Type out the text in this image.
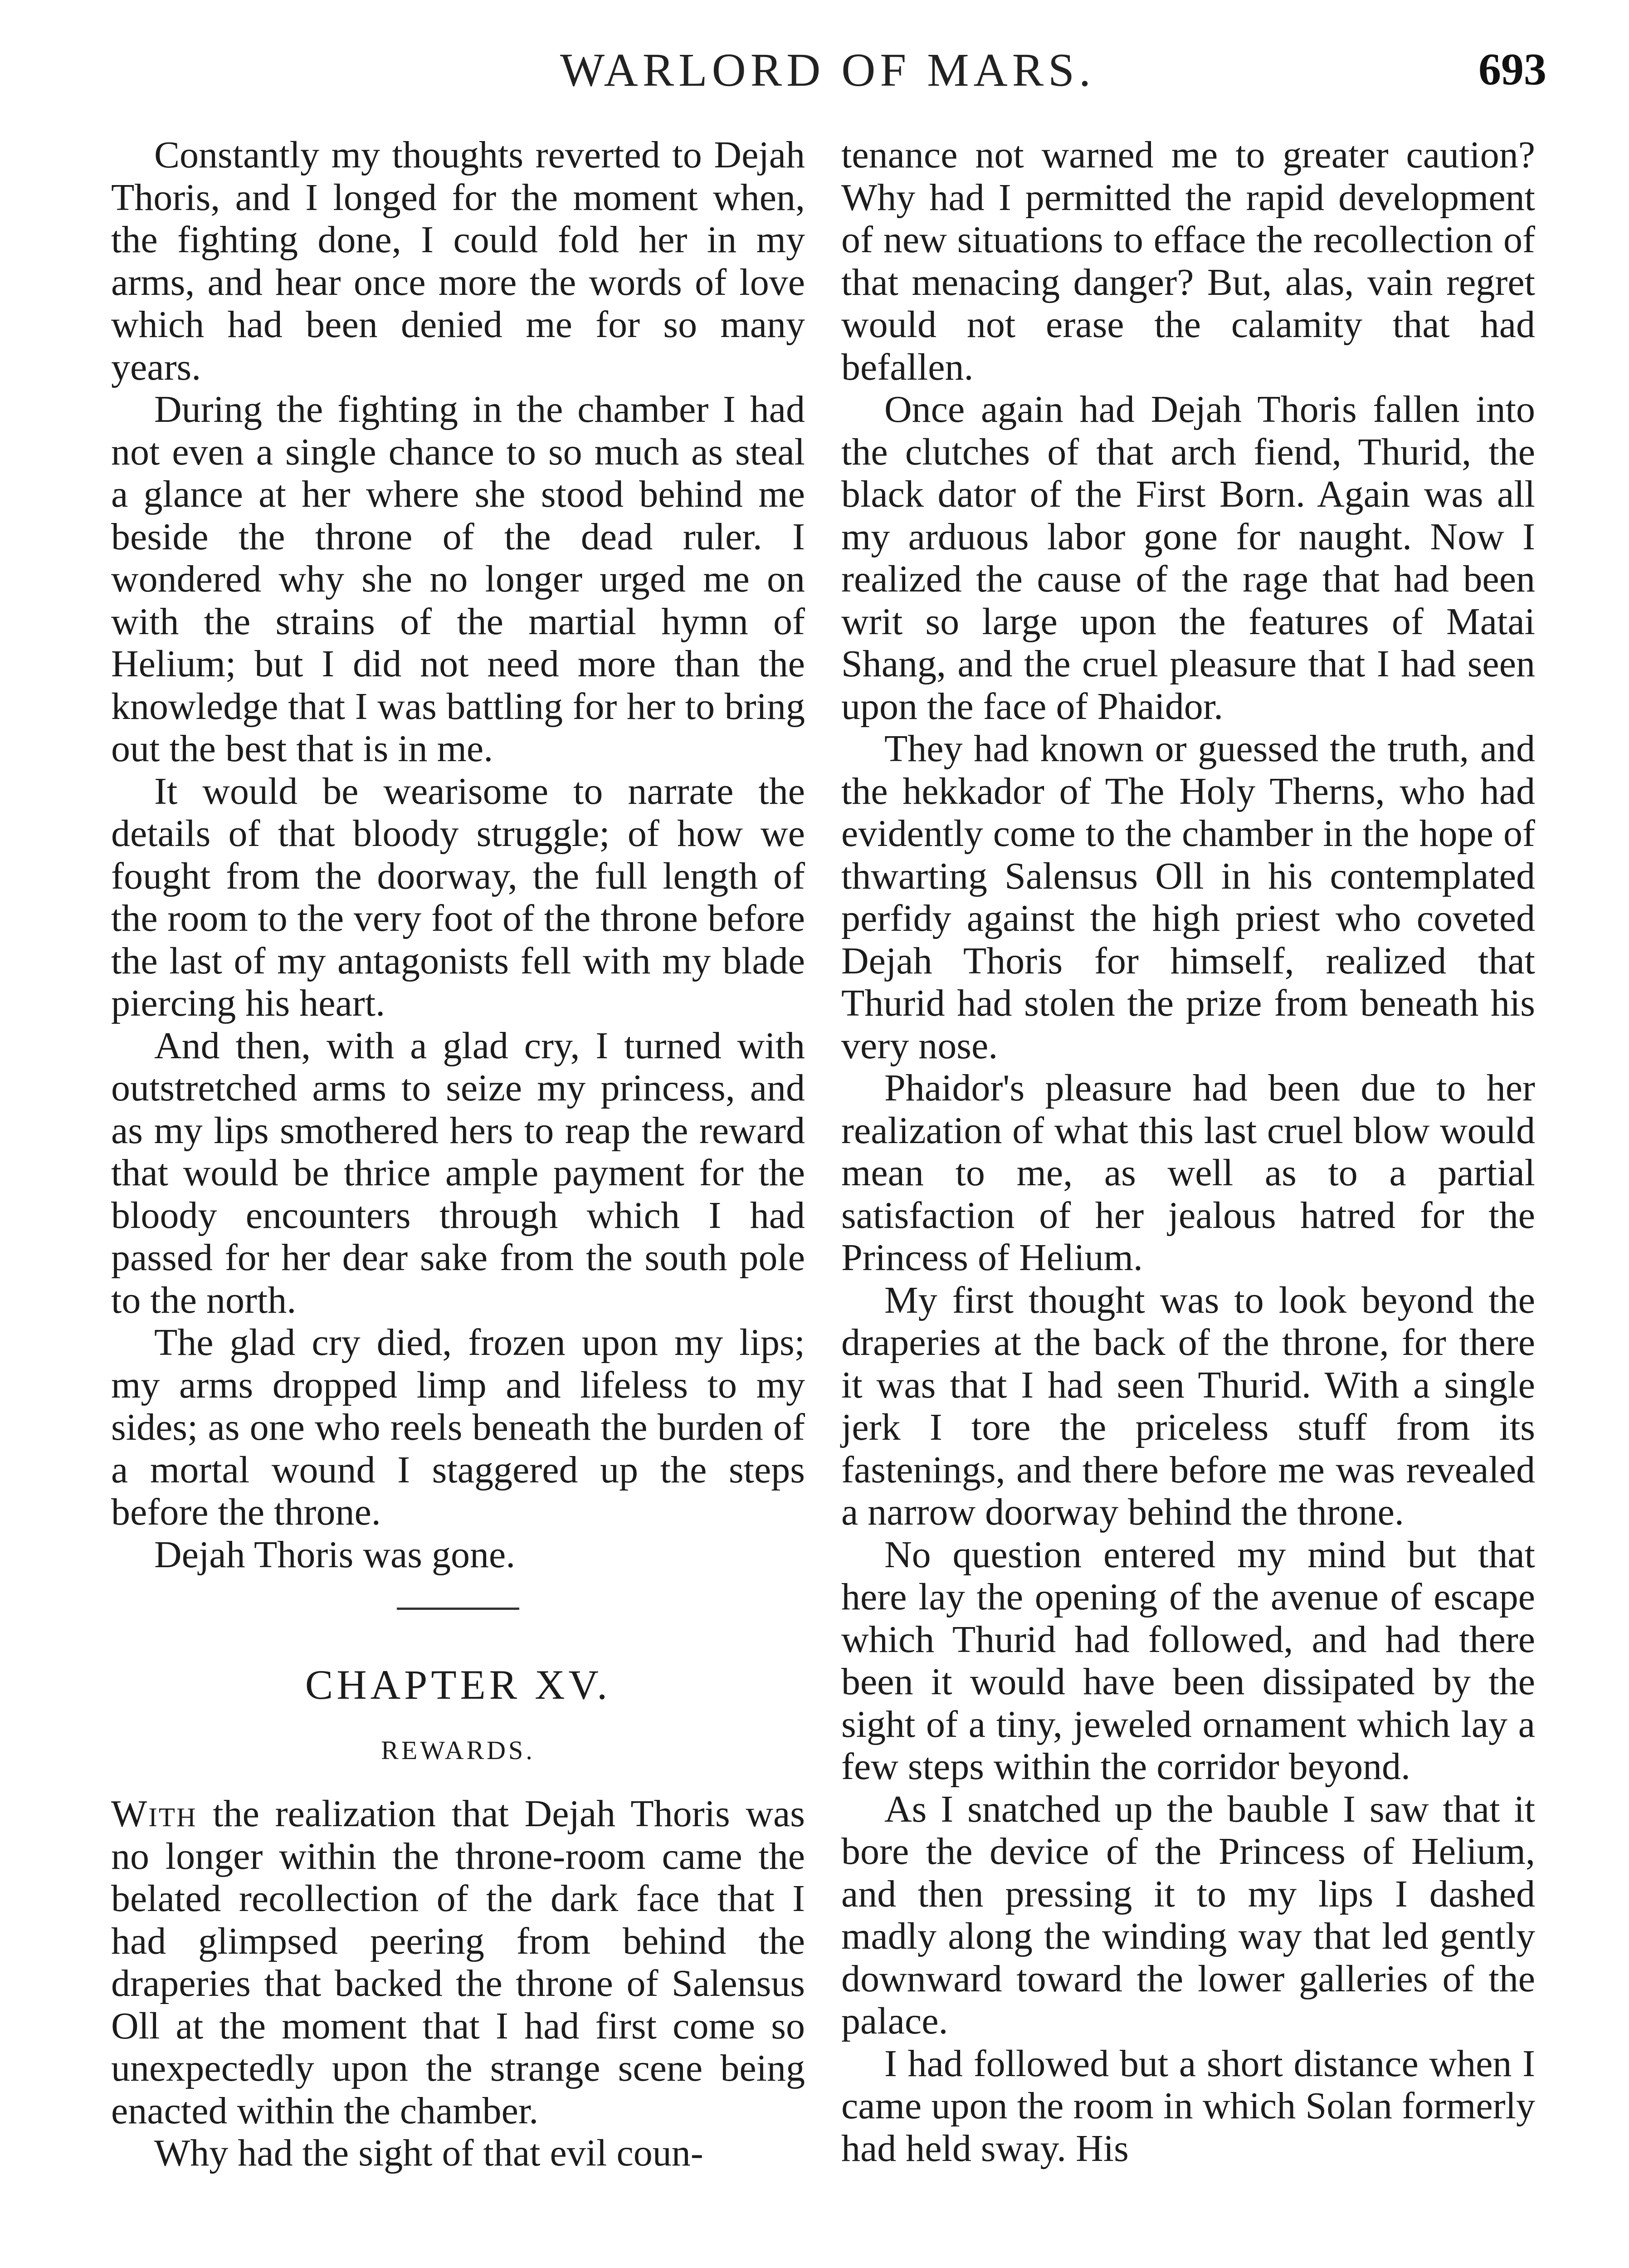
WARLORD OF MARS.	693

Constantly my thoughts reverted to Dejah Thoris, and I longed for the moment when, the fighting done, I could fold her in my arms, and hear once more the words of love which had been denied me for so many years.

During the fighting in the chamber I had not even a single chance to so much as steal a glance at her where she stood behind me beside the throne of the dead ruler. I wondered why she no longer urged me on with the strains of the martial hymn of Helium; but I did not need more than the knowledge that I was battling for her to bring out the best that is in me.

It would be wearisome to narrate the details of that bloody struggle; of how we fought from the doorway, the full length of the room to the very foot of the throne before the last of my antagonists fell with my blade piercing his heart.

And then, with a glad cry, I turned with outstretched arms to seize my princess, and as my lips smothered hers to reap the reward that would be thrice ample payment for the bloody encounters through which I had passed for her dear sake from the south pole to the north.

The glad cry died, frozen upon my lips; my arms dropped limp and lifeless to my sides; as one who reels beneath the burden of a mortal wound I staggered up the steps before the throne.

Dejah Thoris was gone.

CHAPTER XV.
REWARDS.

With the realization that Dejah Thoris was no longer within the throne-room came the belated recollection of the dark face that I had glimpsed peering from behind the draperies that backed the throne of Salensus Oll at the moment that I had first come so unexpectedly upon the strange scene being enacted within the chamber.

Why had the sight of that evil coun-

tenance not warned me to greater caution? Why had I permitted the rapid development of new situations to efface the recollection of that menacing danger? But, alas, vain regret would not erase the calamity that had befallen.

Once again had Dejah Thoris fallen into the clutches of that arch fiend, Thurid, the black dator of the First Born. Again was all my arduous labor gone for naught. Now I realized the cause of the rage that had been writ so large upon the features of Matai Shang, and the cruel pleasure that I had seen upon the face of Phaidor.

They had known or guessed the truth, and the hekkador of The Holy Therns, who had evidently come to the chamber in the hope of thwarting Salensus Oll in his contemplated perfidy against the high priest who coveted Dejah Thoris for himself, realized that Thurid had stolen the prize from beneath his very nose.

Phaidor's pleasure had been due to her realization of what this last cruel blow would mean to me, as well as to a partial satisfaction of her jealous hatred for the Princess of Helium.

My first thought was to look beyond the draperies at the back of the throne, for there it was that I had seen Thurid. With a single jerk I tore the priceless stuff from its fastenings, and there before me was revealed a narrow doorway behind the throne.

No question entered my mind but that here lay the opening of the avenue of escape which Thurid had followed, and had there been it would have been dissipated by the sight of a tiny, jeweled ornament which lay a few steps within the corridor beyond.

As I snatched up the bauble I saw that it bore the device of the Princess of Helium, and then pressing it to my lips I dashed madly along the winding way that led gently downward toward the lower galleries of the palace.

I had followed but a short distance when I came upon the room in which Solan formerly had held sway. His
